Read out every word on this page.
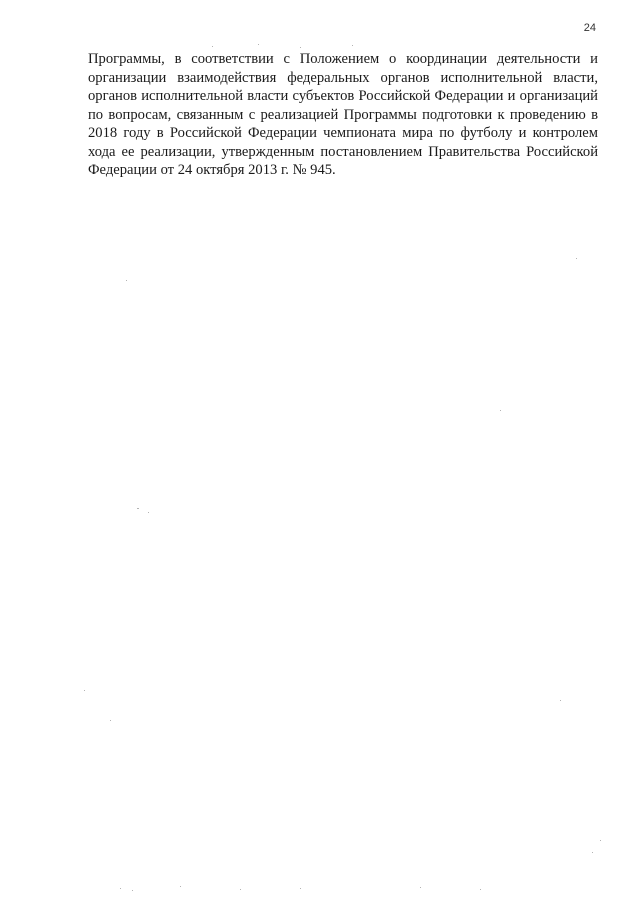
24

Программы, в соответствии с Положением о координации деятельности и организации взаимодействия федеральных органов исполнительной власти, органов исполнительной власти субъектов Российской Федерации и организаций по вопросам, связанным с реализацией Программы подготовки к проведению в 2018 году в Российской Федерации чемпионата мира по футболу и контролем хода ее реализации, утвержденным постановлением Правительства Российской Федерации от 24 октября 2013 г. № 945.
